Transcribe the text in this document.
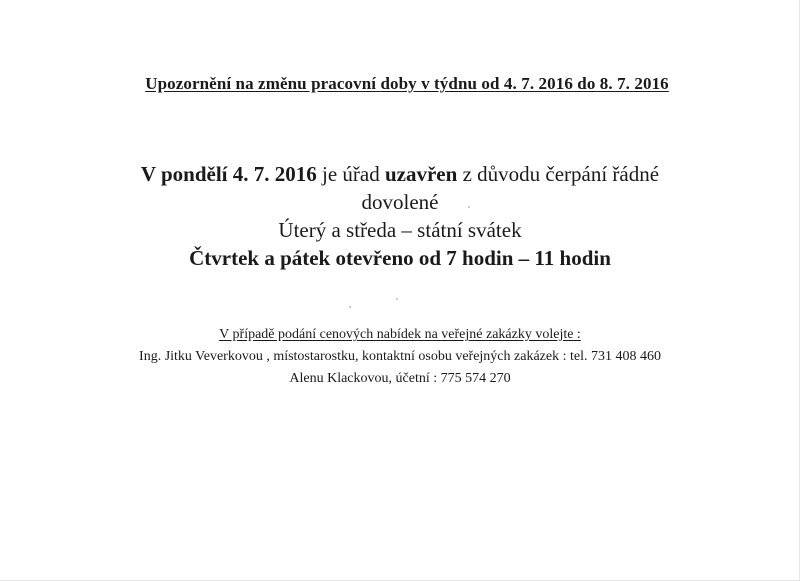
Upozornění na změnu pracovní doby v týdnu od 4. 7. 2016 do 8. 7. 2016
V pondělí 4. 7. 2016 je úřad uzavřen z důvodu čerpání řádné
dovolené
Úterý a středa – státní svátek
Čtvrtek a pátek otevřeno od 7 hodin – 11 hodin
V případě podání cenových nabídek na veřejné zakázky volejte :
Ing. Jitku Veverkovou , místostarostku, kontaktní osobu veřejných zakázek : tel. 731 408 460
Alenu Klackovou, účetní : 775 574 270
